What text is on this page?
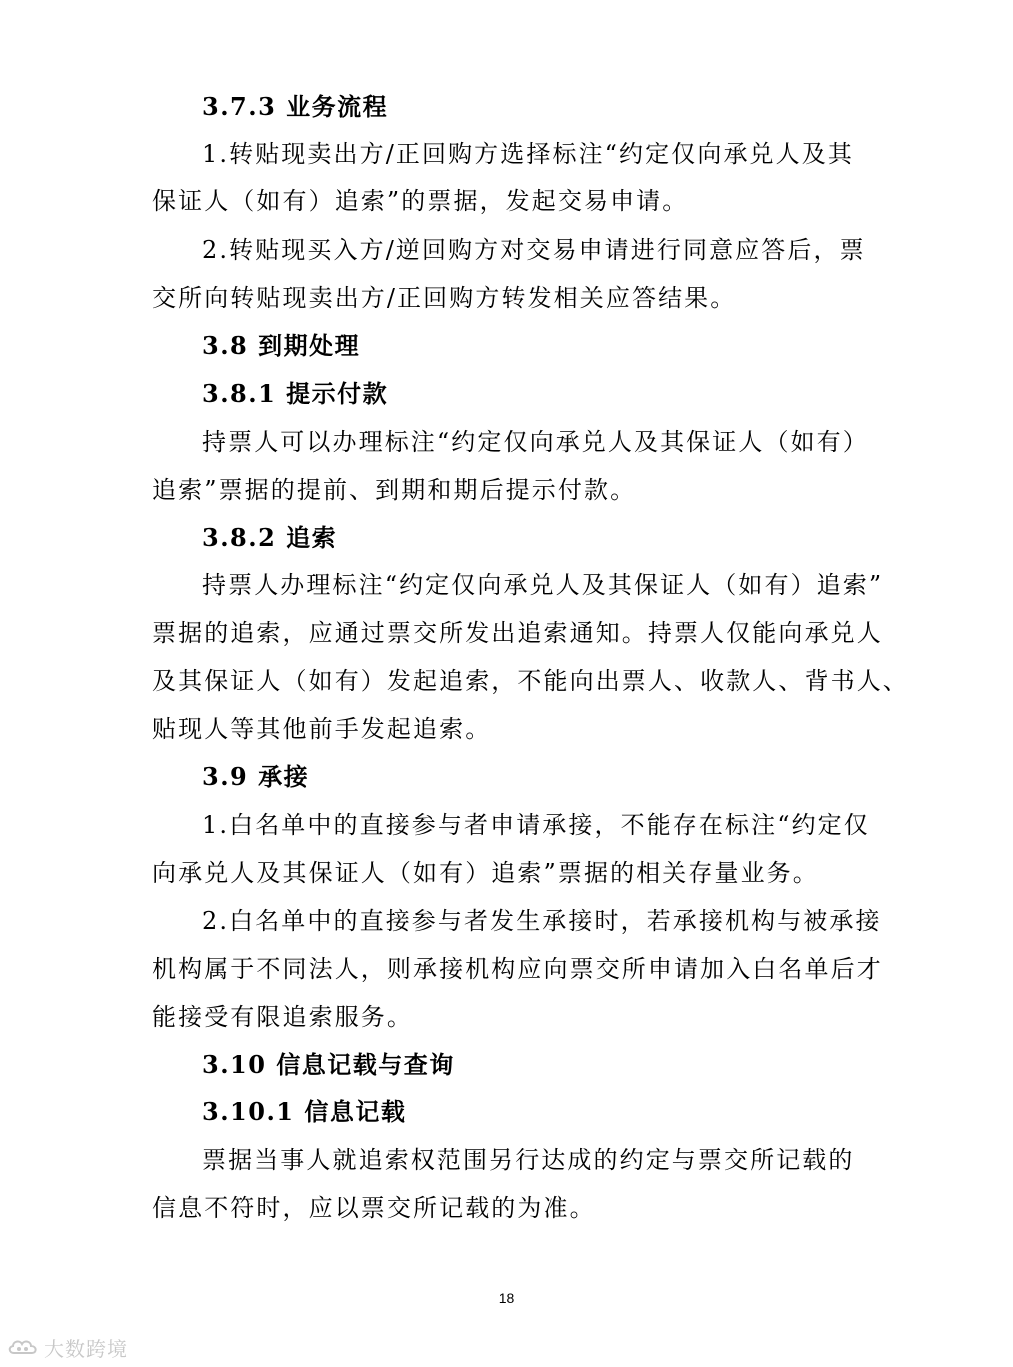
3.7.3 业务流程
1.转贴现卖出方/正回购方选择标注“约定仅向承兑人及其
保证人（如有）追索”的票据，发起交易申请。
2.转贴现买入方/逆回购方对交易申请进行同意应答后，票
交所向转贴现卖出方/正回购方转发相关应答结果。
3.8 到期处理
3.8.1 提示付款
持票人可以办理标注“约定仅向承兑人及其保证人（如有）
追索”票据的提前、到期和期后提示付款。
3.8.2 追索
持票人办理标注“约定仅向承兑人及其保证人（如有）追索”
票据的追索，应通过票交所发出追索通知。持票人仅能向承兑人
及其保证人（如有）发起追索，不能向出票人、收款人、背书人、
贴现人等其他前手发起追索。
3.9 承接
1.白名单中的直接参与者申请承接，不能存在标注“约定仅
向承兑人及其保证人（如有）追索”票据的相关存量业务。
2.白名单中的直接参与者发生承接时，若承接机构与被承接
机构属于不同法人，则承接机构应向票交所申请加入白名单后才
能接受有限追索服务。
3.10 信息记载与查询
3.10.1 信息记载
票据当事人就追索权范围另行达成的约定与票交所记载的
信息不符时，应以票交所记载的为准。
18
大数跨境
